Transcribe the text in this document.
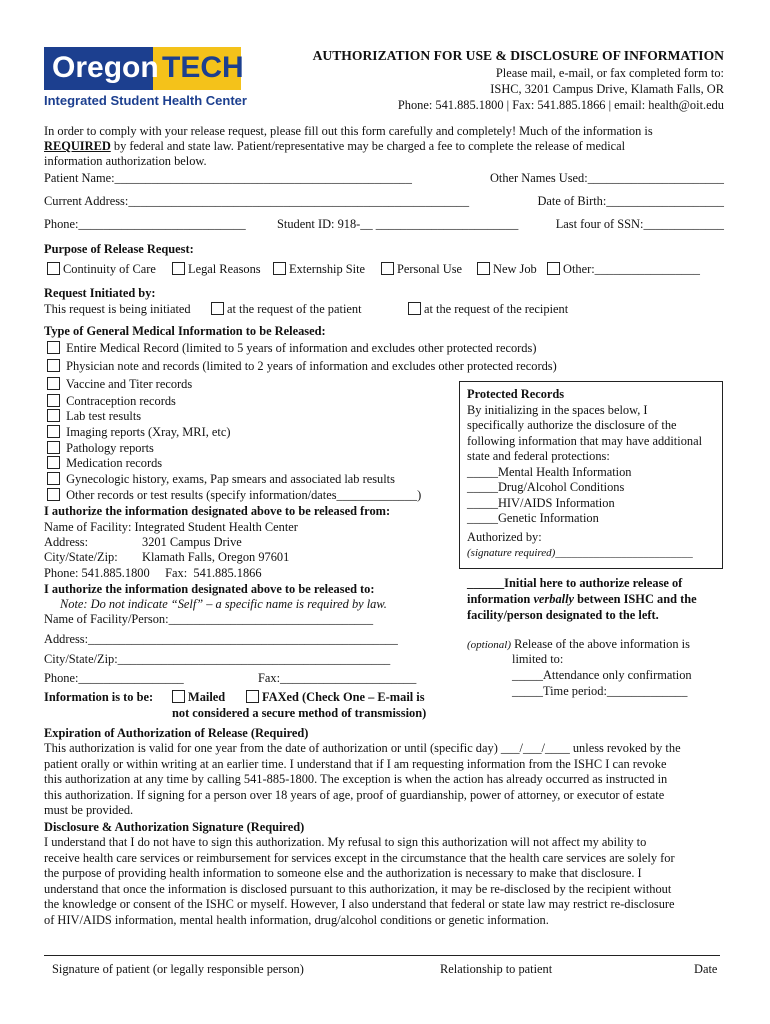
Oregon TECH
Integrated Student Health Center
AUTHORIZATION FOR USE & DISCLOSURE OF INFORMATION
Please mail, e-mail, or fax completed form to:
ISHC, 3201 Campus Drive, Klamath Falls, OR
Phone: 541.885.1800 | Fax: 541.885.1866 | email: health@oit.edu
In order to comply with your release request, please fill out this form carefully and completely! Much of the information is
REQUIRED by federal and state law. Patient/representative may be charged a fee to complete the release of medical
information authorization below.
Patient Name:________________________________________________	Other Names Used:______________________
Current Address:_______________________________________________________	Date of Birth:___________________
Phone:___________________________	Student ID: 918-__ _______________________	Last four of SSN:_____________
Purpose of Release Request:
Continuity of Care	Legal Reasons	Externship Site	Personal Use	New Job	Other:_________________
Request Initiated by:
This request is being initiated	at the request of the patient	at the request of the recipient
Type of General Medical Information to be Released:
Entire Medical Record (limited to 5 years of information and excludes other protected records)
Physician note and records (limited to 2 years of information and excludes other protected records)
Vaccine and Titer records
Contraception records
Lab test results
Imaging reports (Xray, MRI, etc)
Pathology reports
Medication records
Gynecologic history, exams, Pap smears and associated lab results
Other records or test results (specify information/dates_____________)
I authorize the information designated above to be released from:
Name of Facility: Integrated Student Health Center
Address:	3201 Campus Drive
City/State/Zip: Klamath Falls, Oregon 97601
Phone: 541.885.1800     Fax:  541.885.1866
I authorize the information designated above to be released to:
Note: Do not indicate “Self” – a specific name is required by law.
Name of Facility/Person:_________________________________
Address:__________________________________________________
City/State/Zip:____________________________________________
Phone:_________________	Fax:______________________
Information is to be:	Mailed	FAXed (Check One – E-mail is
not considered a secure method of transmission)
Protected Records
By initializing in the spaces below, I
specifically authorize the disclosure of the
following information that may have additional
state and federal protections:
_____Mental Health Information
_____Drug/Alcohol Conditions
_____HIV/AIDS Information
_____Genetic Information
Authorized by:
(signature required)_________________________
______Initial here to authorize release of
information verbally between ISHC and the
facility/person designated to the left.
(optional) Release of the above information is
limited to:
_____Attendance only confirmation
_____Time period:_____________
Expiration of Authorization of Release (Required)
This authorization is valid for one year from the date of authorization or until (specific day) ___/___/____ unless revoked by the
patient orally or within writing at an earlier time. I understand that if I am requesting information from the ISHC I can revoke
this authorization at any time by calling 541-885-1800. The exception is when the action has already occurred as instructed in
this authorization. If signing for a person over 18 years of age, proof of guardianship, power of attorney, or executor of estate
must be provided.
Disclosure & Authorization Signature (Required)
I understand that I do not have to sign this authorization. My refusal to sign this authorization will not affect my ability to
receive health care services or reimbursement for services except in the circumstance that the health care services are solely for
the purpose of providing health information to someone else and the authorization is necessary to make that disclosure. I
understand that once the information is disclosed pursuant to this authorization, it may be re-disclosed by the recipient without
the knowledge or consent of the ISHC or myself. However, I also understand that federal or state law may restrict re-disclosure
of HIV/AIDS information, mental health information, drug/alcohol conditions or genetic information.
Signature of patient (or legally responsible person)	Relationship to patient	Date
